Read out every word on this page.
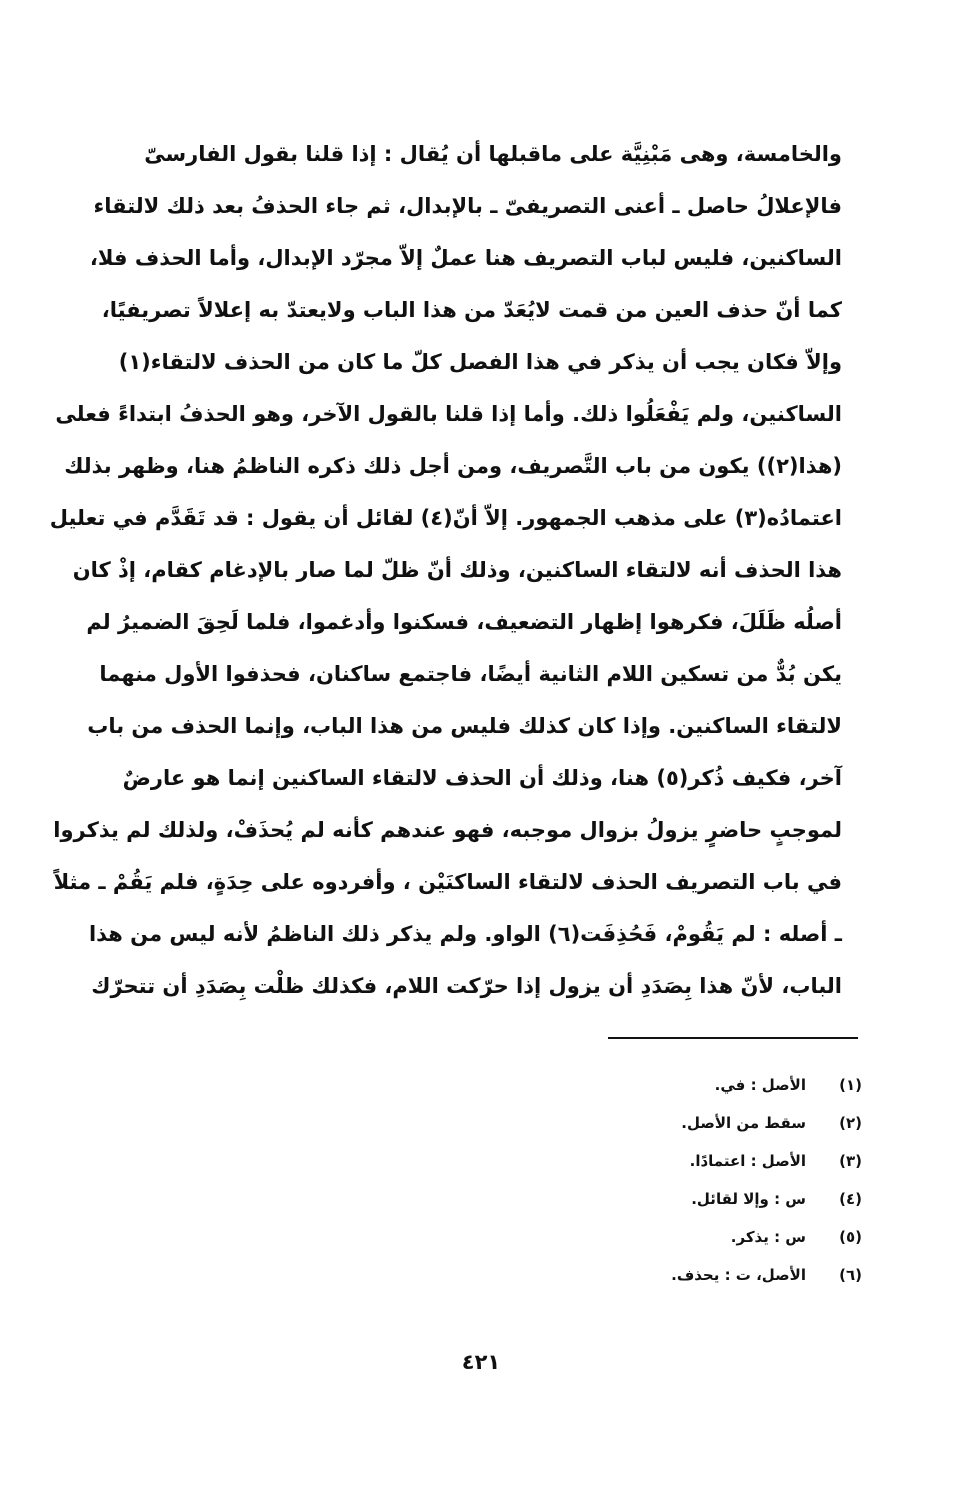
والخامسة، وهى مَبْنِيَّة على ماقبلها أن يُقال : إذا قلنا بقول الفارسىّ
فالإعلالُ حاصل ـ أعنى التصريفىّ ـ بالإبدال، ثم جاء الحذفُ بعد ذلك لالتقاء
الساكنين، فليس لباب التصريف هنا عملٌ إلاّ مجرّد الإبدال، وأما الحذف فلا،
كما أنّ حذف العين من قمت لايُعَدّ من هذا الباب ولايعتدّ به إعلالاً تصريفيًا،
وإلاّ فكان يجب أن يذكر في هذا الفصل كلّ ما كان من الحذف لالتقاء(١)
الساكنين، ولم يَفْعَلُوا ذلك. وأما إذا قلنا بالقول الآخر، وهو الحذفُ ابتداءً فعلى
(هذا(٢)) يكون من باب التَّصريف، ومن أجل ذلك ذكره الناظمُ هنا، وظهر بذلك
اعتمادُه(٣) على مذهب الجمهور. إلاّ أنّ(٤) لقائل أن يقول : قد تَقَدَّم في تعليل
هذا الحذف أنه لالتقاء الساكنين، وذلك أنّ ظلّ لما صار بالإدغام كقام، إذْ كان
أصلُه ظَلَلَ، فكرهوا إظهار التضعيف، فسكنوا وأدغموا، فلما لَحِقَ الضميرُ لم
يكن بُدٌّ من تسكين اللام الثانية أيضًا، فاجتمع ساكنان، فحذفوا الأول منهما
لالتقاء الساكنين. وإذا كان كذلك فليس من هذا الباب، وإنما الحذف من باب
آخر، فكيف ذُكر(٥) هنا، وذلك أن الحذف لالتقاء الساكنين إنما هو عارضٌ
لموجبٍ حاضرٍ يزولُ بزوال موجبه، فهو عندهم كأنه لم يُحذَفْ، ولذلك لم يذكروا
في باب التصريف الحذف لالتقاء الساكنَيْن ، وأفردوه على حِدَةٍ، فلم يَقُمْ ـ مثلاً
ـ أصله : لم يَقُومْ، فَحُذِفَت(٦) الواو. ولم يذكر ذلك الناظمُ لأنه ليس من هذا
الباب، لأنّ هذا بِصَدَدِ أن يزول إذا حرّكت اللام، فكذلك ظلْت بِصَدَدِ أن تتحرّك
(١)
الأصل : في.
(٢)
سقط من الأصل.
(٣)
الأصل : اعتمادًا.
(٤)
س : وإلا لقائل.
(٥)
س : يذكر.
(٦)
الأصل، ت : يحذف.
٤٢١
